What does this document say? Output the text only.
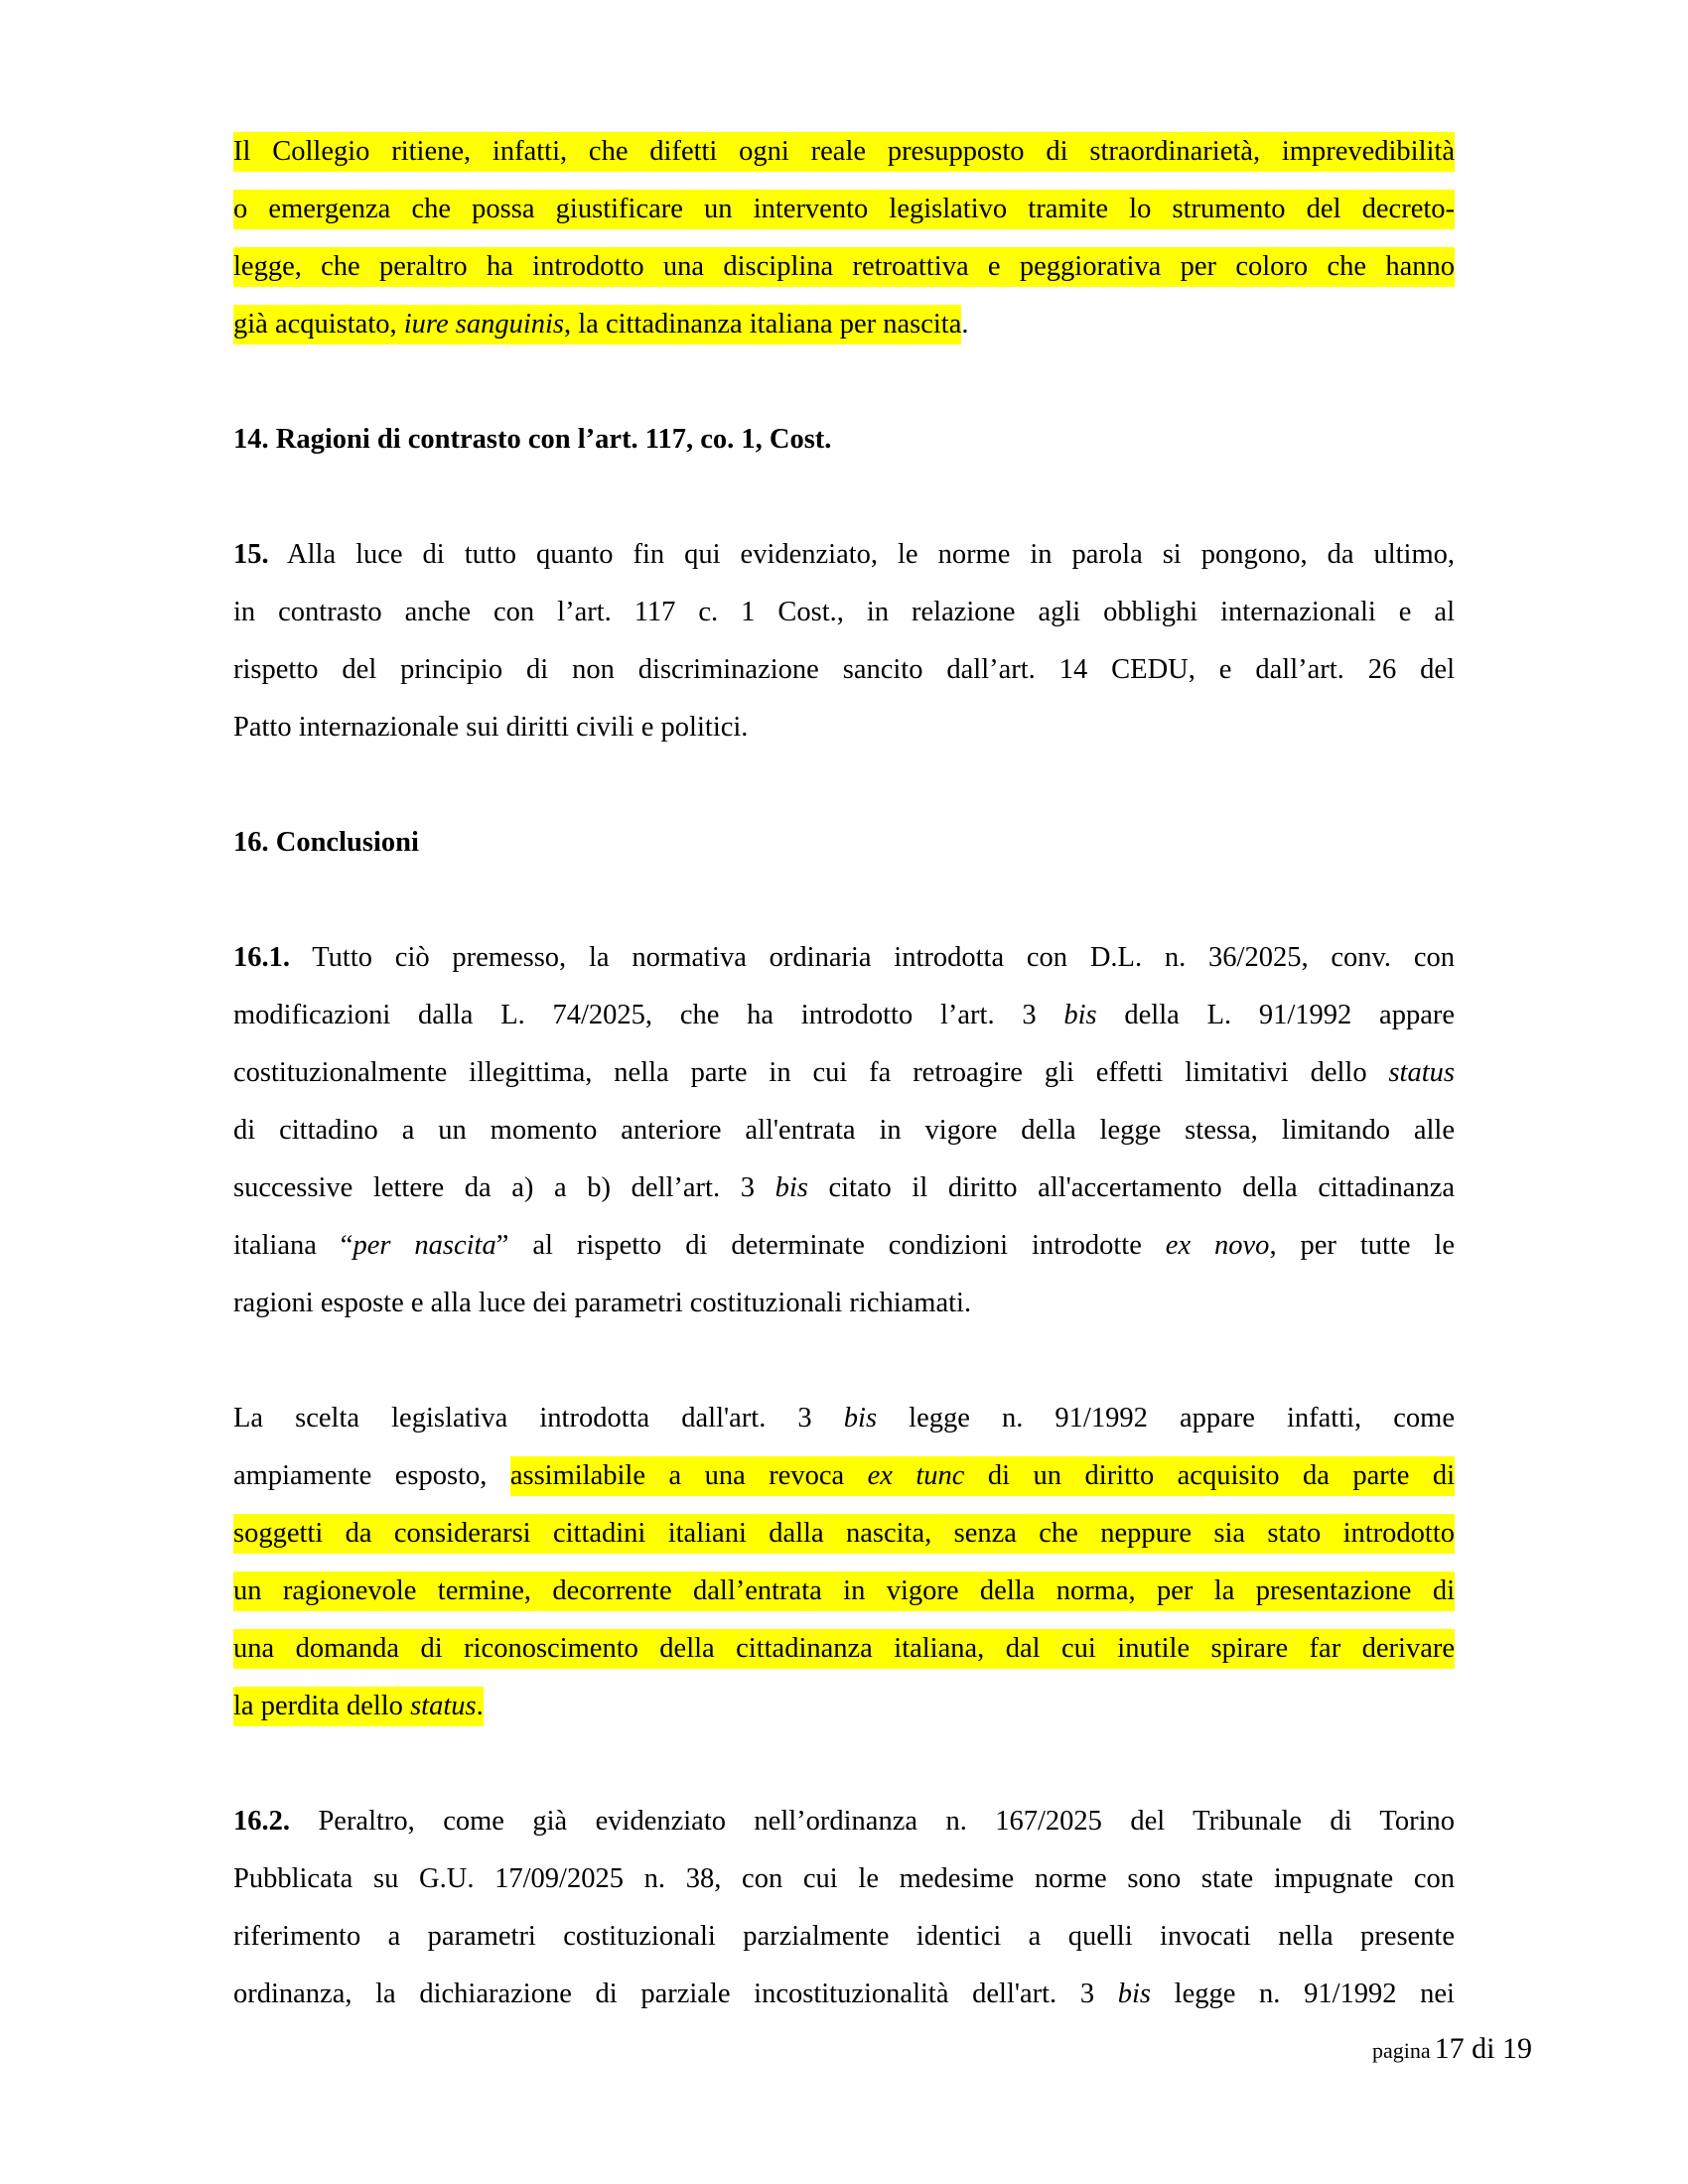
Il Collegio ritiene, infatti, che difetti ogni reale presupposto di straordinarietà, imprevedibilità
o emergenza che possa giustificare un intervento legislativo tramite lo strumento del decreto-
legge, che peraltro ha introdotto una disciplina retroattiva e peggiorativa per coloro che hanno
già acquistato, iure sanguinis, la cittadinanza italiana per nascita.
14. Ragioni di contrasto con l’art. 117, co. 1, Cost.
15. Alla luce di tutto quanto fin qui evidenziato, le norme in parola si pongono, da ultimo,
in contrasto anche con l’art. 117 c. 1 Cost., in relazione agli obblighi internazionali e al
rispetto del principio di non discriminazione sancito dall’art. 14 CEDU, e dall’art. 26 del
Patto internazionale sui diritti civili e politici.
16. Conclusioni
16.1. Tutto ciò premesso, la normativa ordinaria introdotta con D.L. n. 36/2025, conv. con
modificazioni dalla L. 74/2025, che ha introdotto l’art. 3 bis della L. 91/1992 appare
costituzionalmente illegittima, nella parte in cui fa retroagire gli effetti limitativi dello status
di cittadino a un momento anteriore all'entrata in vigore della legge stessa, limitando alle
successive lettere da a) a b) dell’art. 3 bis citato il diritto all'accertamento della cittadinanza
italiana “per nascita” al rispetto di determinate condizioni introdotte ex novo, per tutte le
ragioni esposte e alla luce dei parametri costituzionali richiamati.
La scelta legislativa introdotta dall'art. 3 bis legge n. 91/1992 appare infatti, come
ampiamente esposto, assimilabile a una revoca ex tunc di un diritto acquisito da parte di
soggetti da considerarsi cittadini italiani dalla nascita, senza che neppure sia stato introdotto
un ragionevole termine, decorrente dall’entrata in vigore della norma, per la presentazione di
una domanda di riconoscimento della cittadinanza italiana, dal cui inutile spirare far derivare
la perdita dello status.
16.2. Peraltro, come già evidenziato nell’ordinanza n. 167/2025 del Tribunale di Torino
Pubblicata su G.U. 17/09/2025 n. 38, con cui le medesime norme sono state impugnate con
riferimento a parametri costituzionali parzialmente identici a quelli invocati nella presente
ordinanza, la dichiarazione di parziale incostituzionalità dell'art. 3 bis legge n. 91/1992 nei
pagina 17 di 19
